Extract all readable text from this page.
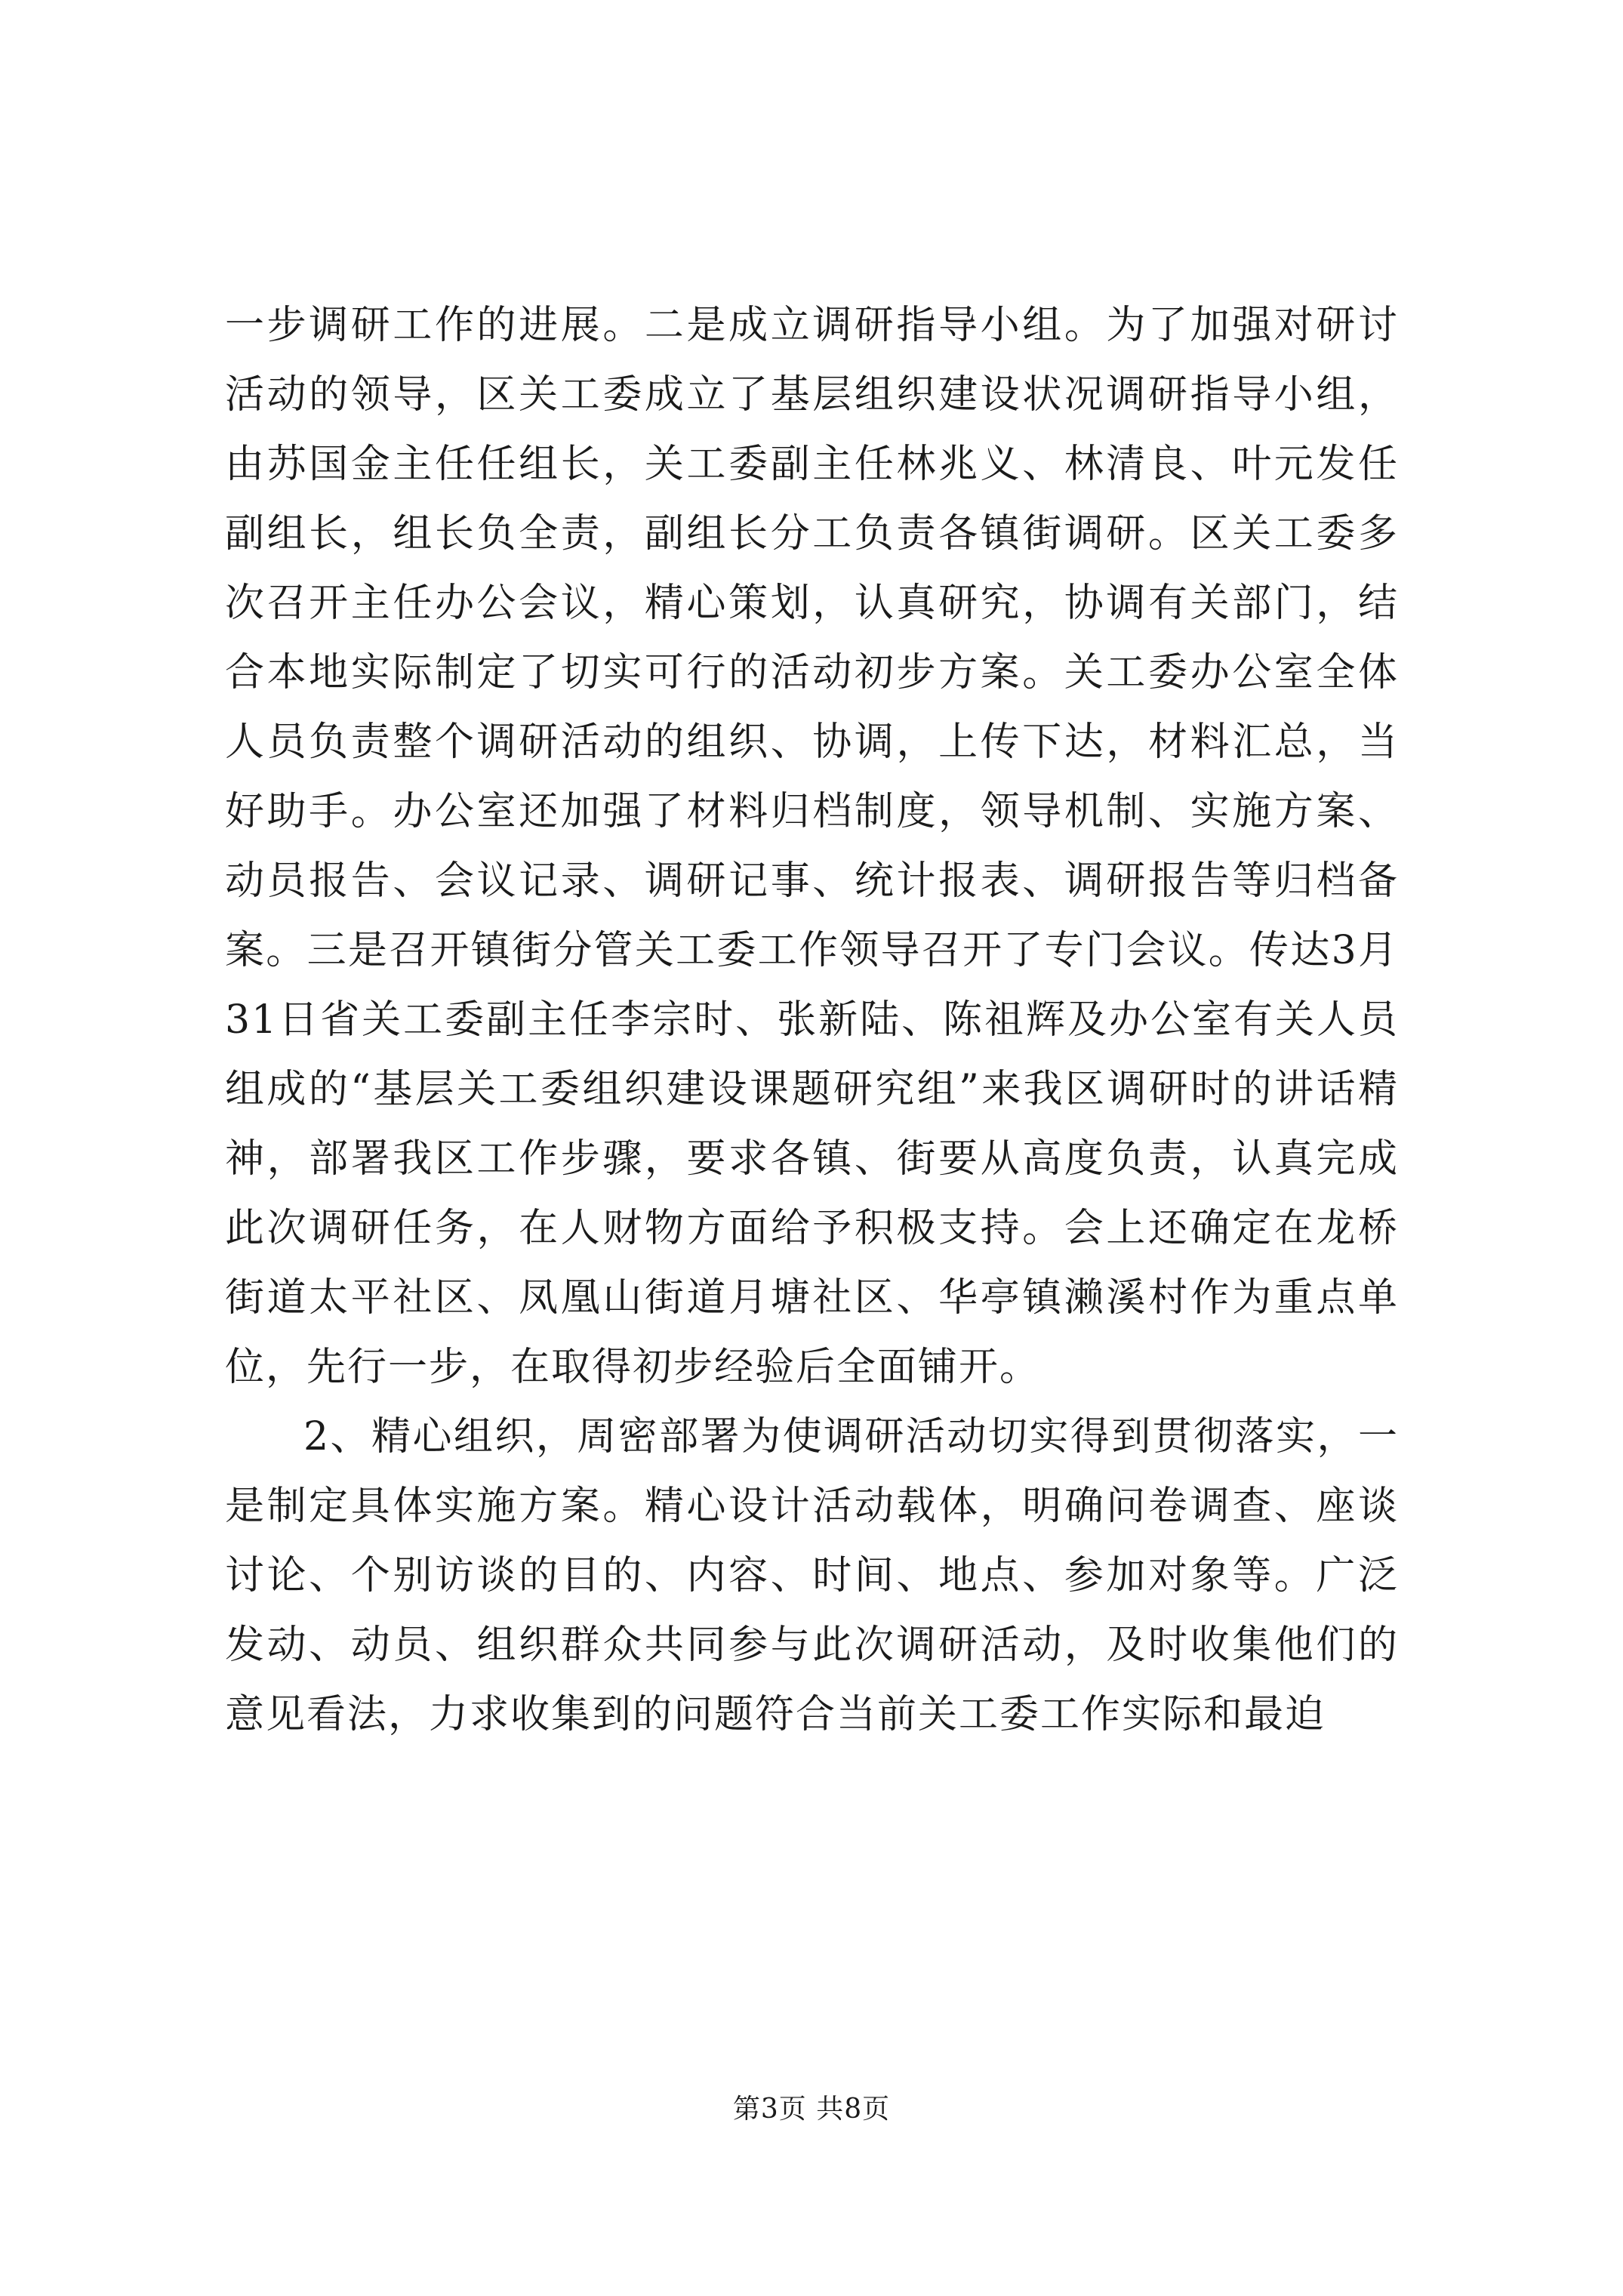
一步调研工作的进展。二是成立调研指导小组。为了加强对研讨活动的领导，区关工委成立了基层组织建设状况调研指导小组，由苏国金主任任组长，关工委副主任林兆义、林清良、叶元发任副组长，组长负全责，副组长分工负责各镇街调研。区关工委多次召开主任办公会议，精心策划，认真研究，协调有关部门，结合本地实际制定了切实可行的活动初步方案。关工委办公室全体人员负责整个调研活动的组织、协调，上传下达，材料汇总，当好助手。办公室还加强了材料归档制度，领导机制、实施方案、动员报告、会议记录、调研记事、统计报表、调研报告等归档备案。三是召开镇街分管关工委工作领导召开了专门会议。传达3月31日省关工委副主任李宗时、张新陆、陈祖辉及办公室有关人员组成的“基层关工委组织建设课题研究组”来我区调研时的讲话精神，部署我区工作步骤，要求各镇、街要从高度负责，认真完成此次调研任务，在人财物方面给予积极支持。会上还确定在龙桥街道太平社区、凤凰山街道月塘社区、华亭镇濑溪村作为重点单位，先行一步，在取得初步经验后全面铺开。

2、精心组织，周密部署为使调研活动切实得到贯彻落实，一是制定具体实施方案。精心设计活动载体，明确问卷调查、座谈讨论、个别访谈的目的、内容、时间、地点、参加对象等。广泛发动、动员、组织群众共同参与此次调研活动，及时收集他们的意见看法，力求收集到的问题符合当前关工委工作实际和最迫

第3页 共8页
